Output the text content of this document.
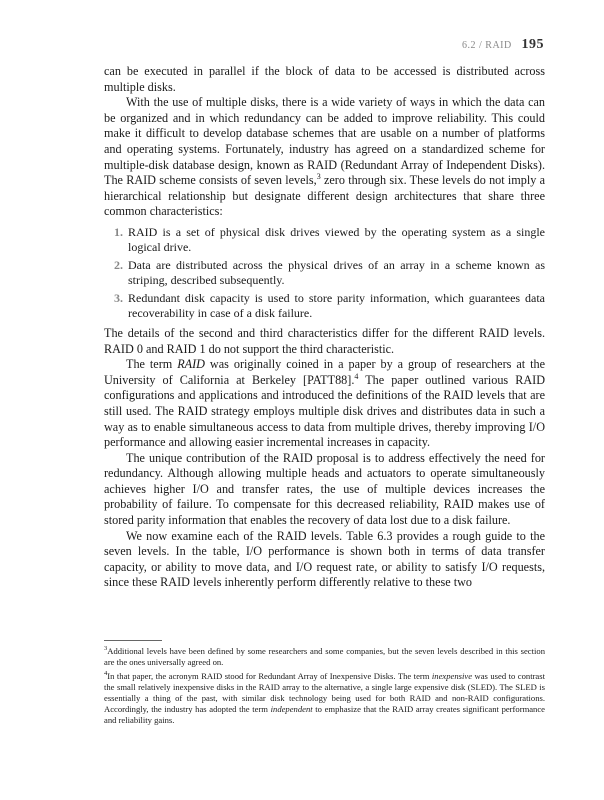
6.2 / RAID 195

can be executed in parallel if the block of data to be accessed is distributed across multiple disks.

With the use of multiple disks, there is a wide variety of ways in which the data can be organized and in which redundancy can be added to improve reliability. This could make it difficult to develop database schemes that are usable on a number of platforms and operating systems. Fortunately, industry has agreed on a standardized scheme for multiple-disk database design, known as RAID (Redundant Array of Independent Disks). The RAID scheme consists of seven levels,$^3$ zero through six. These levels do not imply a hierarchical relationship but designate different design architectures that share three common characteristics:

1. RAID is a set of physical disk drives viewed by the operating system as a single logical drive.
2. Data are distributed across the physical drives of an array in a scheme known as striping, described subsequently.
3. Redundant disk capacity is used to store parity information, which guarantees data recoverability in case of a disk failure.

The details of the second and third characteristics differ for the different RAID levels. RAID 0 and RAID 1 do not support the third characteristic.

The term RAID was originally coined in a paper by a group of researchers at the University of California at Berkeley [PATT88].$^4$ The paper outlined various RAID configurations and applications and introduced the definitions of the RAID levels that are still used. The RAID strategy employs multiple disk drives and distributes data in such a way as to enable simultaneous access to data from multiple drives, thereby improving I/O performance and allowing easier incremental increases in capacity.

The unique contribution of the RAID proposal is to address effectively the need for redundancy. Although allowing multiple heads and actuators to operate simultaneously achieves higher I/O and transfer rates, the use of multiple devices increases the probability of failure. To compensate for this decreased reliability, RAID makes use of stored parity information that enables the recovery of data lost due to a disk failure.

We now examine each of the RAID levels. Table 6.3 provides a rough guide to the seven levels. In the table, I/O performance is shown both in terms of data transfer capacity, or ability to move data, and I/O request rate, or ability to satisfy I/O requests, since these RAID levels inherently perform differently relative to these two

$^3$Additional levels have been defined by some researchers and some companies, but the seven levels described in this section are the ones universally agreed on.
$^4$In that paper, the acronym RAID stood for Redundant Array of Inexpensive Disks. The term inexpensive was used to contrast the small relatively inexpensive disks in the RAID array to the alternative, a single large expensive disk (SLED). The SLED is essentially a thing of the past, with similar disk technology being used for both RAID and non-RAID configurations. Accordingly, the industry has adopted the term independent to emphasize that the RAID array creates significant performance and reliability gains.
